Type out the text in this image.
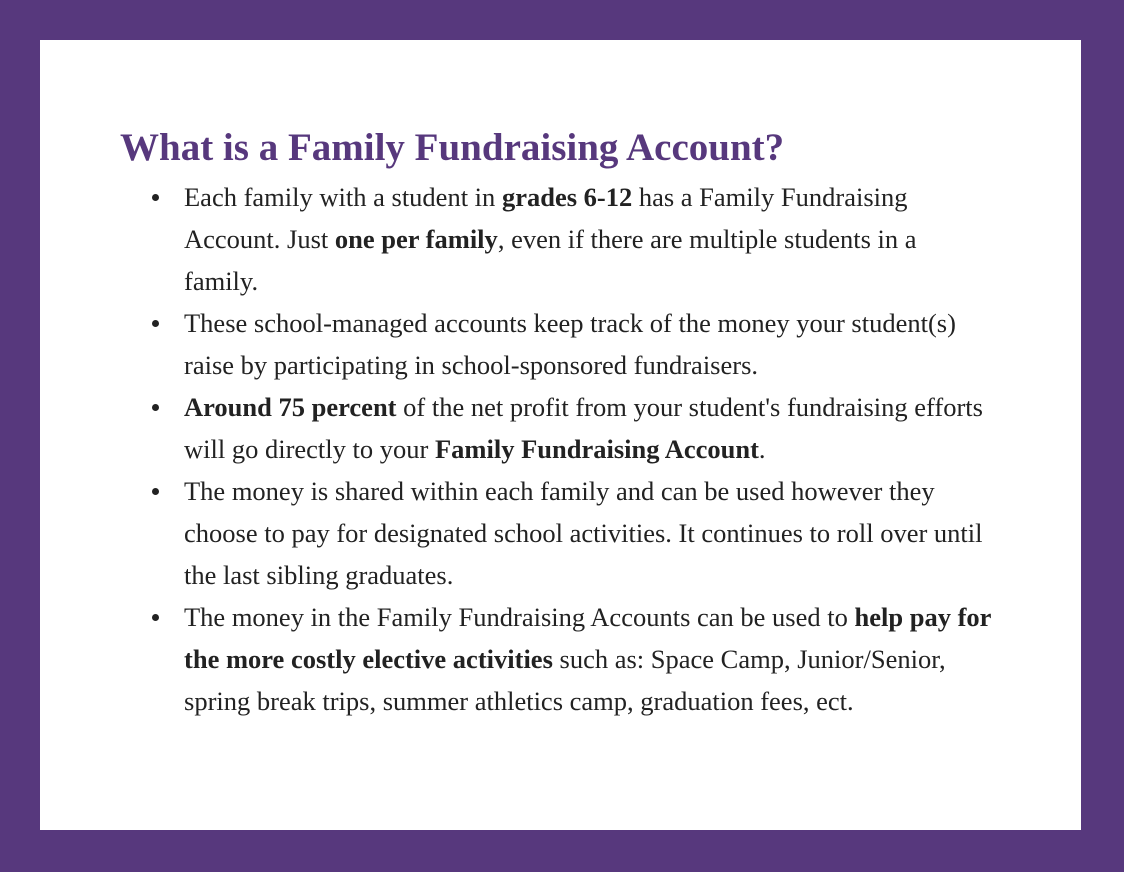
What is a Family Fundraising Account?
Each family with a student in grades 6-12 has a Family Fundraising Account. Just one per family, even if there are multiple students in a family.
These school-managed accounts keep track of the money your student(s) raise by participating in school-sponsored fundraisers.
Around 75 percent of the net profit from your student's fundraising efforts will go directly to your Family Fundraising Account.
The money is shared within each family and can be used however they choose to pay for designated school activities. It continues to roll over until the last sibling graduates.
The money in the Family Fundraising Accounts can be used to help pay for the more costly elective activities such as: Space Camp, Junior/Senior, spring break trips, summer athletics camp, graduation fees, ect.
